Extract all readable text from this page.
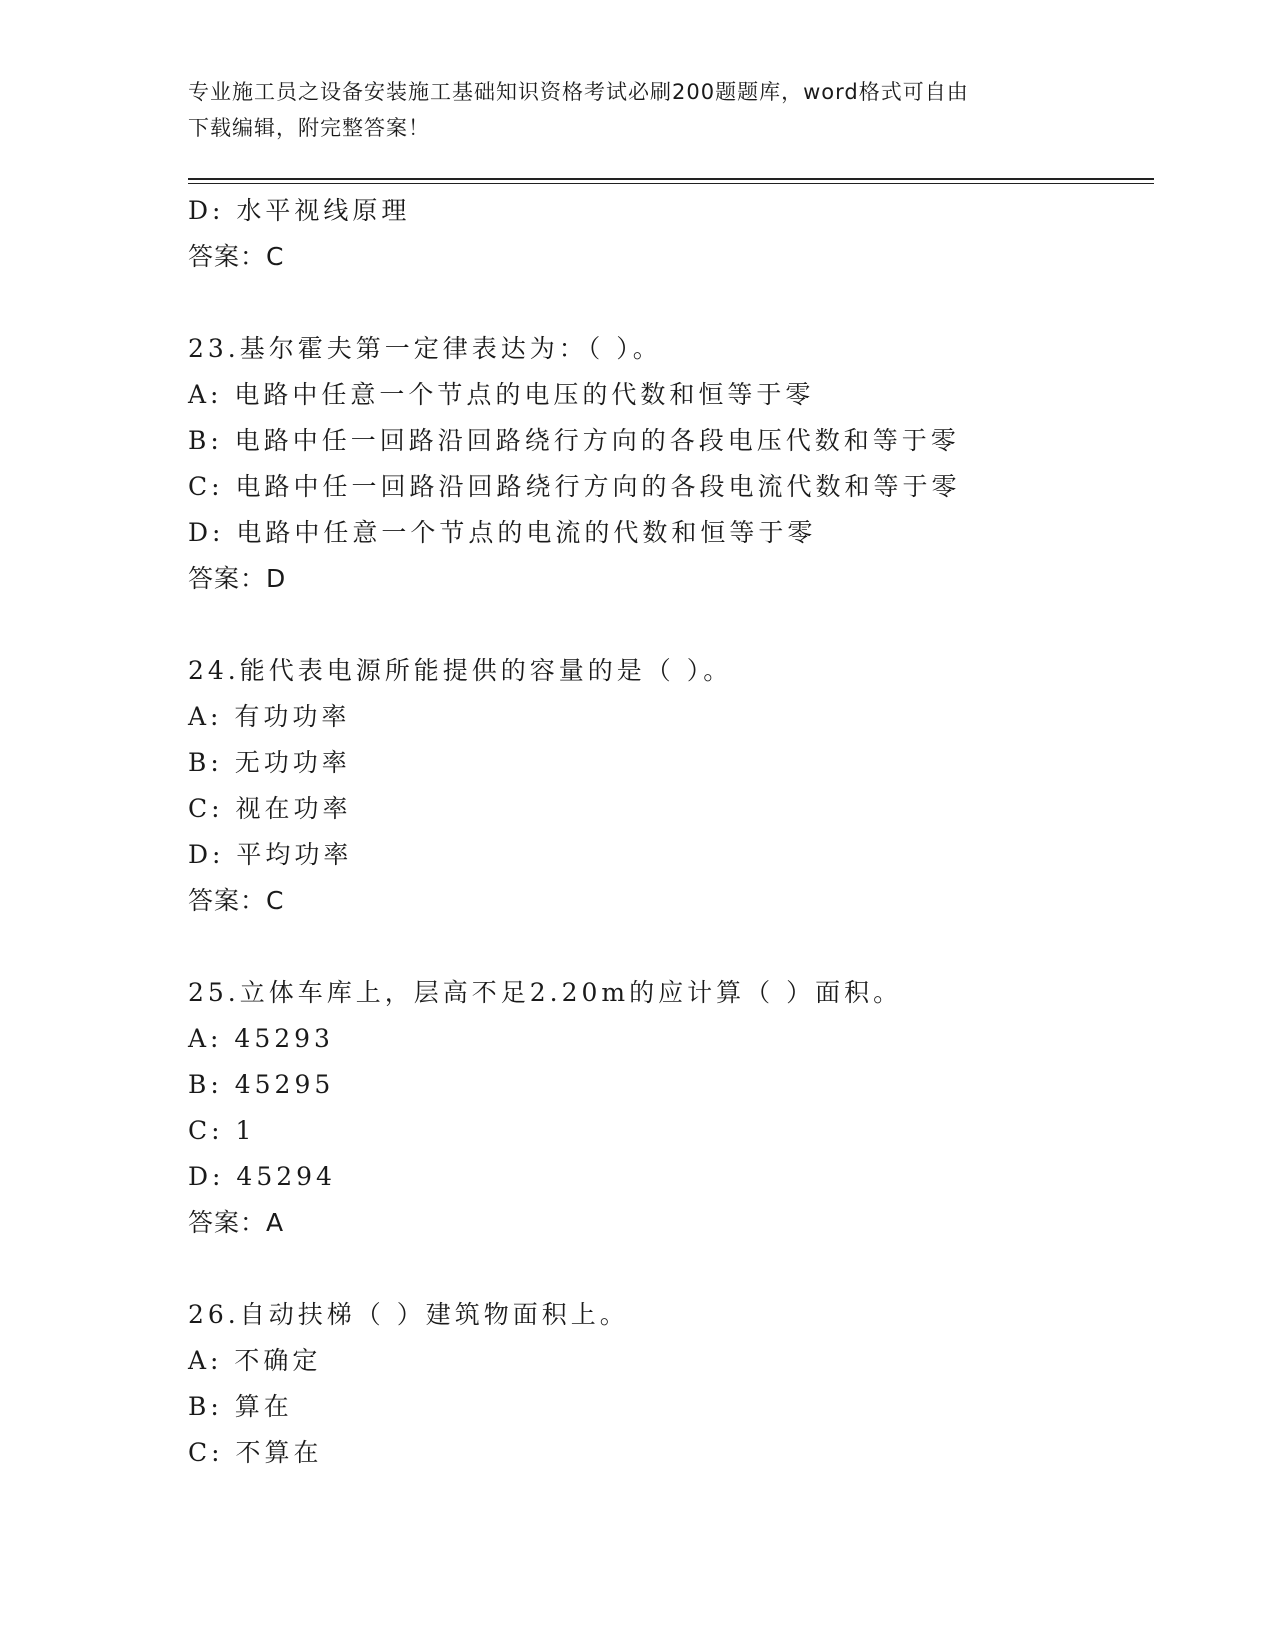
专业施工员之设备安装施工基础知识资格考试必刷200题题库，word格式可自由
下载编辑，附完整答案！
D: 水平视线原理
答案：C
23.基尔霍夫第一定律表达为：（ ）。
A: 电路中任意一个节点的电压的代数和恒等于零
B: 电路中任一回路沿回路绕行方向的各段电压代数和等于零
C: 电路中任一回路沿回路绕行方向的各段电流代数和等于零
D: 电路中任意一个节点的电流的代数和恒等于零
答案：D
24.能代表电源所能提供的容量的是（ ）。
A: 有功功率
B: 无功功率
C: 视在功率
D: 平均功率
答案：C
25.立体车库上，层高不足2.20m的应计算（ ）面积。
A: 45293
B: 45295
C: 1
D: 45294
答案：A
26.自动扶梯（ ）建筑物面积上。
A: 不确定
B: 算在
C: 不算在
